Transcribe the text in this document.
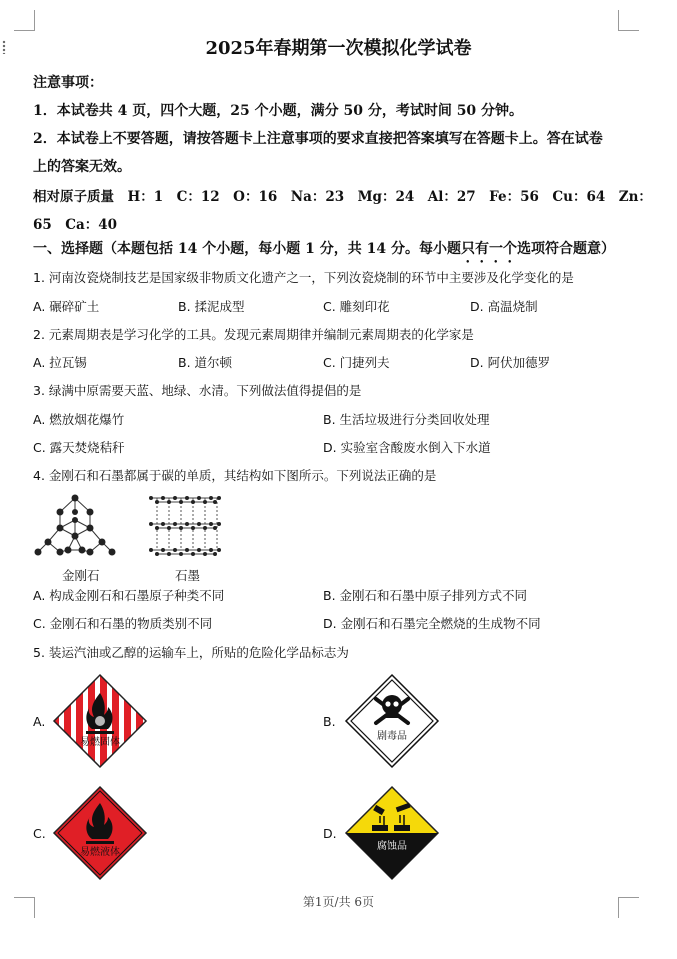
2025年春期第一次模拟化学试卷
注意事项：
1．本试卷共 4 页，四个大题，25 个小题，满分 50 分，考试时间 50 分钟。
2．本试卷上不要答题，请按答题卡上注意事项的要求直接把答案填写在答题卡上。答在试卷
上的答案无效。
相对原子质量　H：1　C：12　O：16　Na：23　Mg：24　Al：27　Fe：56　Cu：64　Zn：
65　Ca：40
一、选择题（本题包括 14 个小题，每小题 1 分，共 14 分。每小题只有一个选项符合题意）
1. 河南汝瓷烧制技艺是国家级非物质文化遗产之一，下列汝瓷烧制的环节中主要涉及化学变化的是
A. 碾碎矿土	B. 揉泥成型	C. 雕刻印花	D. 高温烧制
2. 元素周期表是学习化学的工具。发现元素周期律并编制元素周期表的化学家是
A. 拉瓦锡	B. 道尔顿	C. 门捷列夫	D. 阿伏加德罗
3. 绿满中原需要天蓝、地绿、水清。下列做法值得提倡的是
A. 燃放烟花爆竹	B. 生活垃圾进行分类回收处理
C. 露天焚烧秸秆	D. 实验室含酸废水倒入下水道
4. 金刚石和石墨都属于碳的单质，其结构如下图所示。下列说法正确的是
金刚石	石墨
A. 构成金刚石和石墨原子种类不同	B. 金刚石和石墨中原子排列方式不同
C. 金刚石和石墨的物质类别不同	D. 金刚石和石墨完全燃烧的生成物不同
5. 装运汽油或乙醇的运输车上，所贴的危险化学品标志为
A.
易燃固体
B.
剧毒品
C.
易燃液体
D.
腐蚀品
第1页/共 6页
